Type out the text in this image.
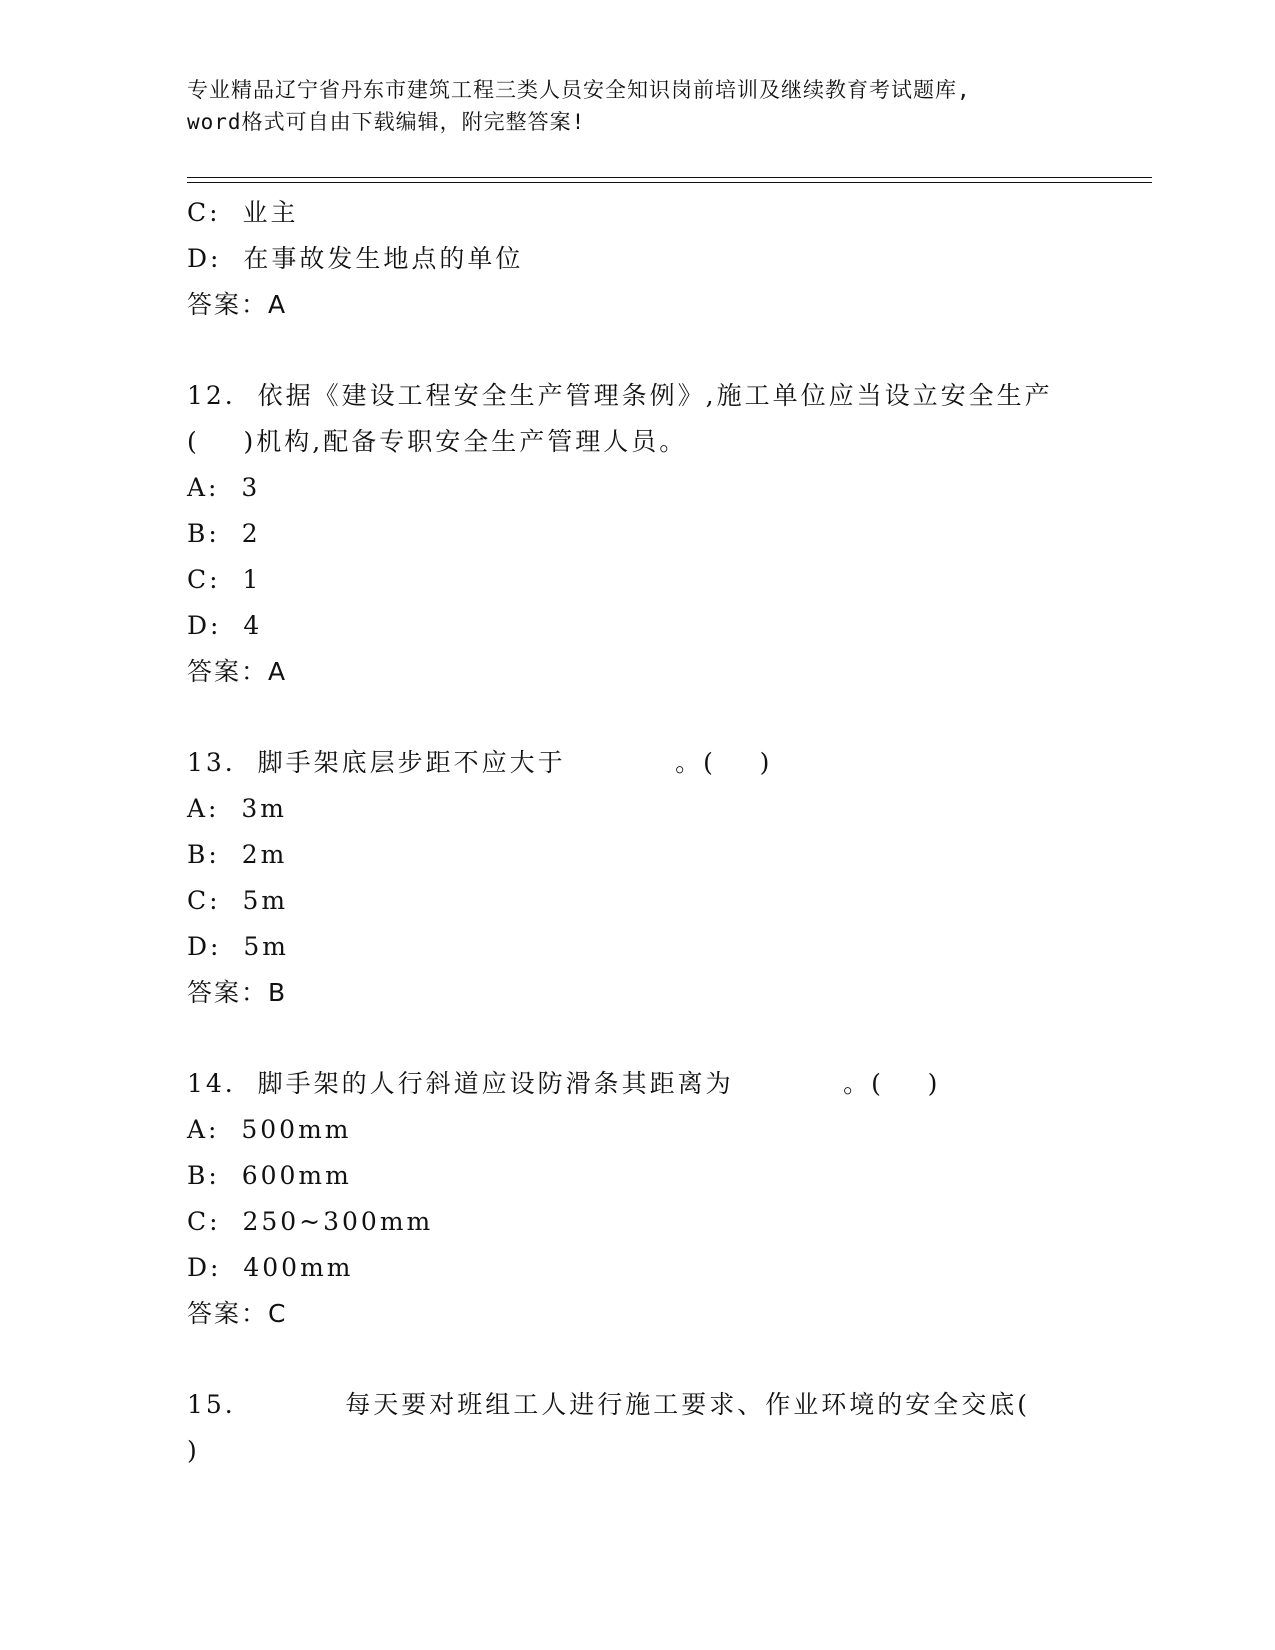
专业精品辽宁省丹东市建筑工程三类人员安全知识岗前培训及继续教育考试题库,
word格式可自由下载编辑，附完整答案!
C:  业主
D:  在事故发生地点的单位
答案：A
12.  依据《建设工程安全生产管理条例》,施工单位应当设立安全生产
(    )机构,配备专职安全生产管理人员。
A:  3
B:  2
C:  1
D:  4
答案：A
13.  脚手架底层步距不应大于          。(    )
A:  3m
B:  2m
C:  5m
D:  5m
答案：B
14.  脚手架的人行斜道应设防滑条其距离为          。(    )
A:  500mm
B:  600mm
C:  250~300mm
D:  400mm
答案：C
15.          每天要对班组工人进行施工要求、作业环境的安全交底(
)
